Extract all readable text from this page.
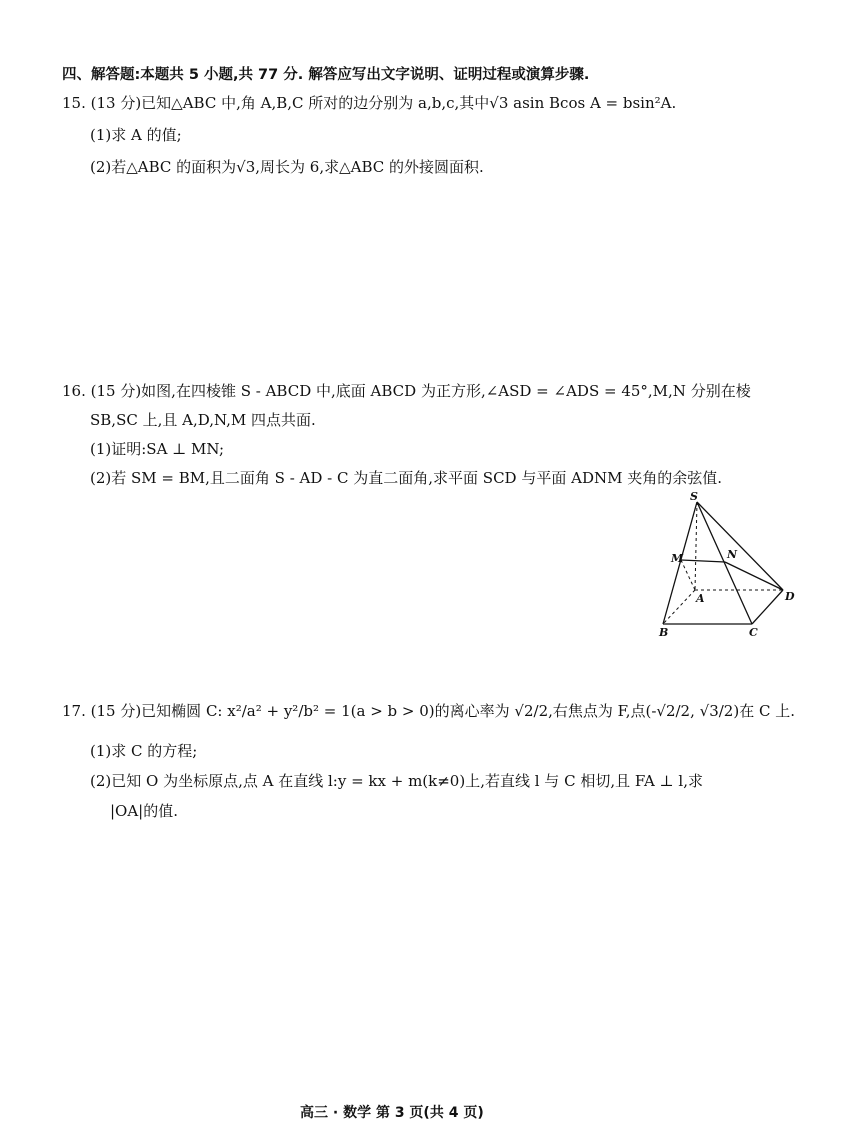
四、解答题:本题共 5 小题,共 77 分. 解答应写出文字说明、证明过程或演算步骤.
15. (13 分)已知△ABC 中,角 A,B,C 所对的边分别为 a,b,c,其中√3 asin Bcos A = bsin²A.
(1)求 A 的值;
(2)若△ABC 的面积为√3,周长为 6,求△ABC 的外接圆面积.
16. (15 分)如图,在四棱锥 S - ABCD 中,底面 ABCD 为正方形,∠ASD = ∠ADS = 45°,M,N 分别在棱
SB,SC 上,且 A,D,N,M 四点共面.
(1)证明:SA ⊥ MN;
(2)若 SM = BM,且二面角 S - AD - C 为直二面角,求平面 SCD 与平面 ADNM 夹角的余弦值.
S
M	N
A	D
B	C
17. (15 分)已知椭圆 C: x²/a² + y²/b² = 1(a > b > 0)的离心率为 √2/2,右焦点为 F,点(-√2/2, √3/2)在 C 上.
(1)求 C 的方程;
(2)已知 O 为坐标原点,点 A 在直线 l:y = kx + m(k≠0)上,若直线 l 与 C 相切,且 FA ⊥ l,求
|OA|的值.
高三 · 数学 第 3 页(共 4 页)
